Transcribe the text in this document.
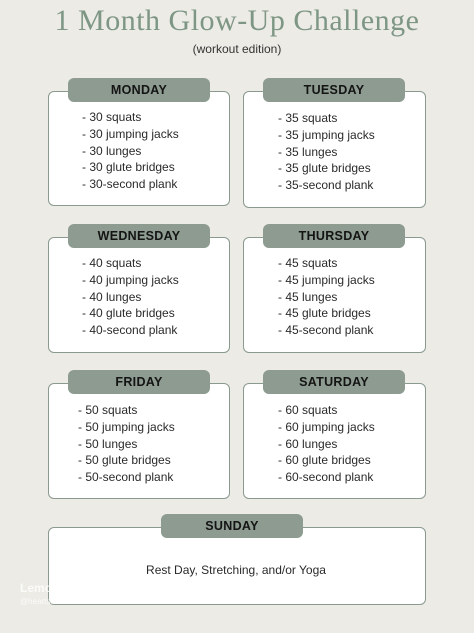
1 Month Glow-Up Challenge
(workout edition)
MONDAY
- 30 squats
- 30 jumping jacks
- 30 lunges
- 30 glute bridges
- 30-second plank
TUESDAY
- 35 squats
- 35 jumping jacks
- 35 lunges
- 35 glute bridges
- 35-second plank
WEDNESDAY
- 40 squats
- 40 jumping jacks
- 40 lunges
- 40 glute bridges
- 40-second plank
THURSDAY
- 45 squats
- 45 jumping jacks
- 45 lunges
- 45 glute bridges
- 45-second plank
FRIDAY
- 50 squats
- 50 jumping jacks
- 50 lunges
- 50 glute bridges
- 50-second plank
SATURDAY
- 60 squats
- 60 jumping jacks
- 60 lunges
- 60 glute bridges
- 60-second plank
SUNDAY
Rest Day, Stretching, and/or Yoga
Lemon8
@heartsinked...
